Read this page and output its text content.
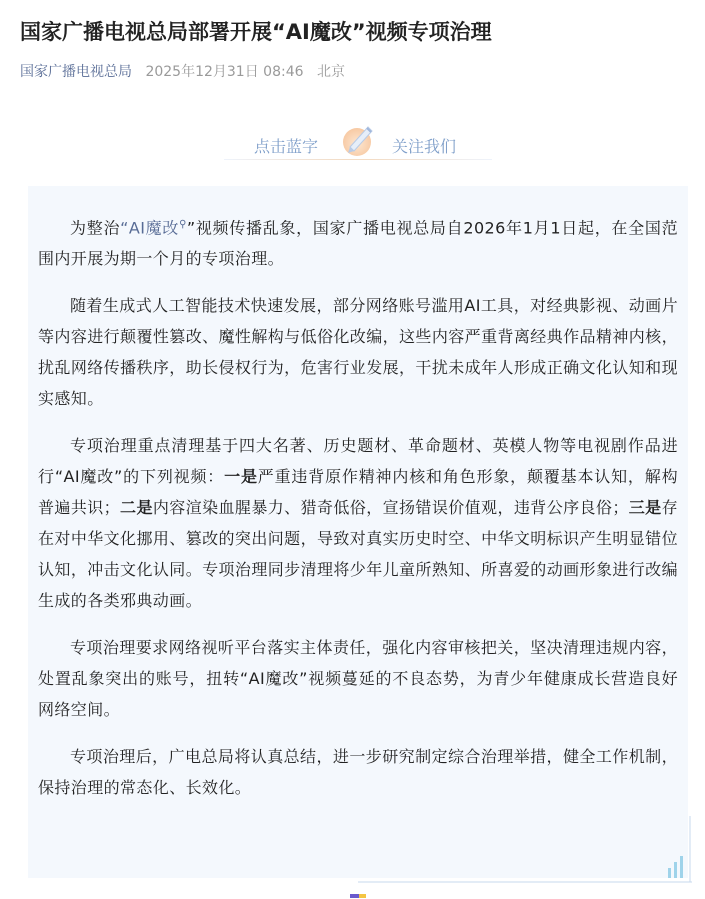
国家广播电视总局部署开展“AI魔改”视频专项治理
国家广播电视总局 2025年12月31日 08:46 北京
点击蓝字	关注我们

为整治“AI魔改⚲”视频传播乱象，国家广播电视总局自2026年1月1日起，在全国范围内开展为期一个月的专项治理。

随着生成式人工智能技术快速发展，部分网络账号滥用AI工具，对经典影视、动画片等内容进行颠覆性篡改、魔性解构与低俗化改编，这些内容严重背离经典作品精神内核，扰乱网络传播秩序，助长侵权行为，危害行业发展，干扰未成年人形成正确文化认知和现实感知。

专项治理重点清理基于四大名著、历史题材、革命题材、英模人物等电视剧作品进行“AI魔改”的下列视频：一是严重违背原作精神内核和角色形象，颠覆基本认知，解构普遍共识；二是内容渲染血腥暴力、猎奇低俗，宣扬错误价值观，违背公序良俗；三是存在对中华文化挪用、篡改的突出问题，导致对真实历史时空、中华文明标识产生明显错位认知，冲击文化认同。专项治理同步清理将少年儿童所熟知、所喜爱的动画形象进行改编生成的各类邪典动画。

专项治理要求网络视听平台落实主体责任，强化内容审核把关，坚决清理违规内容，处置乱象突出的账号，扭转“AI魔改”视频蔓延的不良态势，为青少年健康成长营造良好网络空间。

专项治理后，广电总局将认真总结，进一步研究制定综合治理举措，健全工作机制，保持治理的常态化、长效化。
